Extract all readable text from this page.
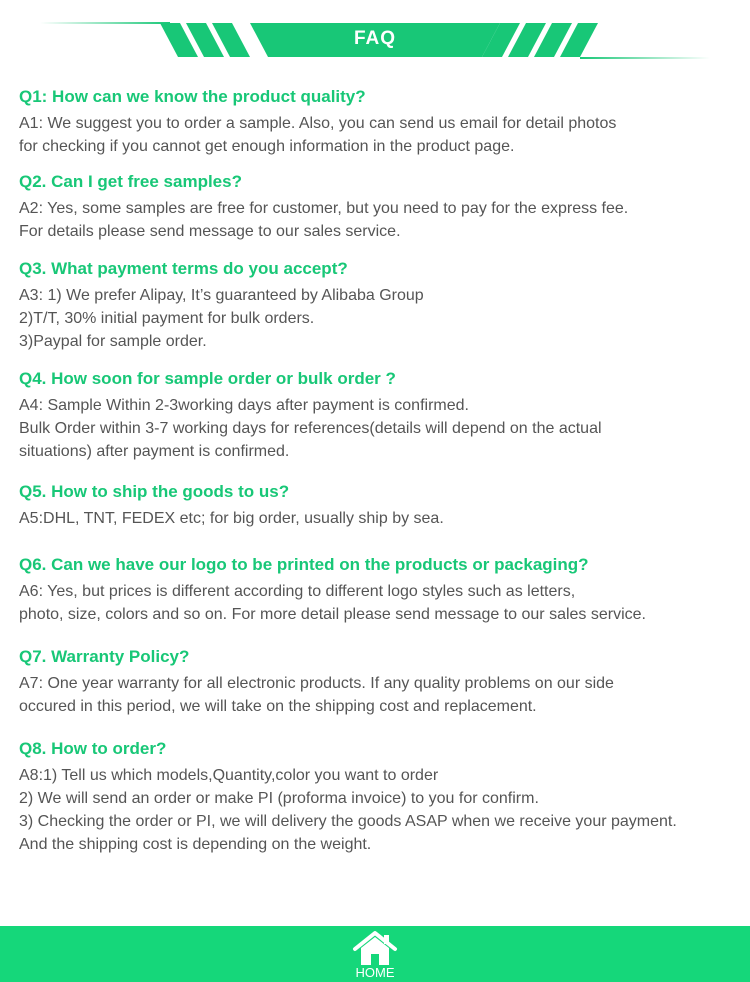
FAQ
Q1: How can we know the product quality?
A1: We suggest you to order a sample. Also, you can send us email for detail photos
for checking if you cannot get enough information in the product page.
Q2. Can I get free samples?
A2: Yes, some samples are free for customer, but you need to pay for the express fee.
For details please send message to our sales service.
Q3. What payment terms do you accept?
A3: 1) We prefer Alipay, It’s guaranteed by Alibaba Group
2)T/T, 30% initial payment for bulk orders.
3)Paypal for sample order.
Q4. How soon for sample order or bulk order ?
A4: Sample Within 2-3working days after payment is confirmed.
Bulk Order within 3-7 working days for references(details will depend on the actual
situations) after payment is confirmed.
Q5. How to ship the goods to us?
A5:DHL, TNT, FEDEX etc; for big order, usually ship by sea.
Q6. Can we have our logo to be printed on the products or packaging?
A6: Yes, but prices is different according to different logo styles such as letters,
photo, size, colors and so on. For more detail please send message to our sales service.
Q7. Warranty Policy?
A7: One year warranty for all electronic products. If any quality problems on our side
occured in this period, we will take on the shipping cost and replacement.
Q8. How to order?
A8:1) Tell us which models,Quantity,color you want to order
2) We will send an order or make PI (proforma invoice) to you for confirm.
3) Checking the order or PI, we will delivery the goods ASAP when we receive your payment.
And the shipping cost is depending on the weight.
HOME
